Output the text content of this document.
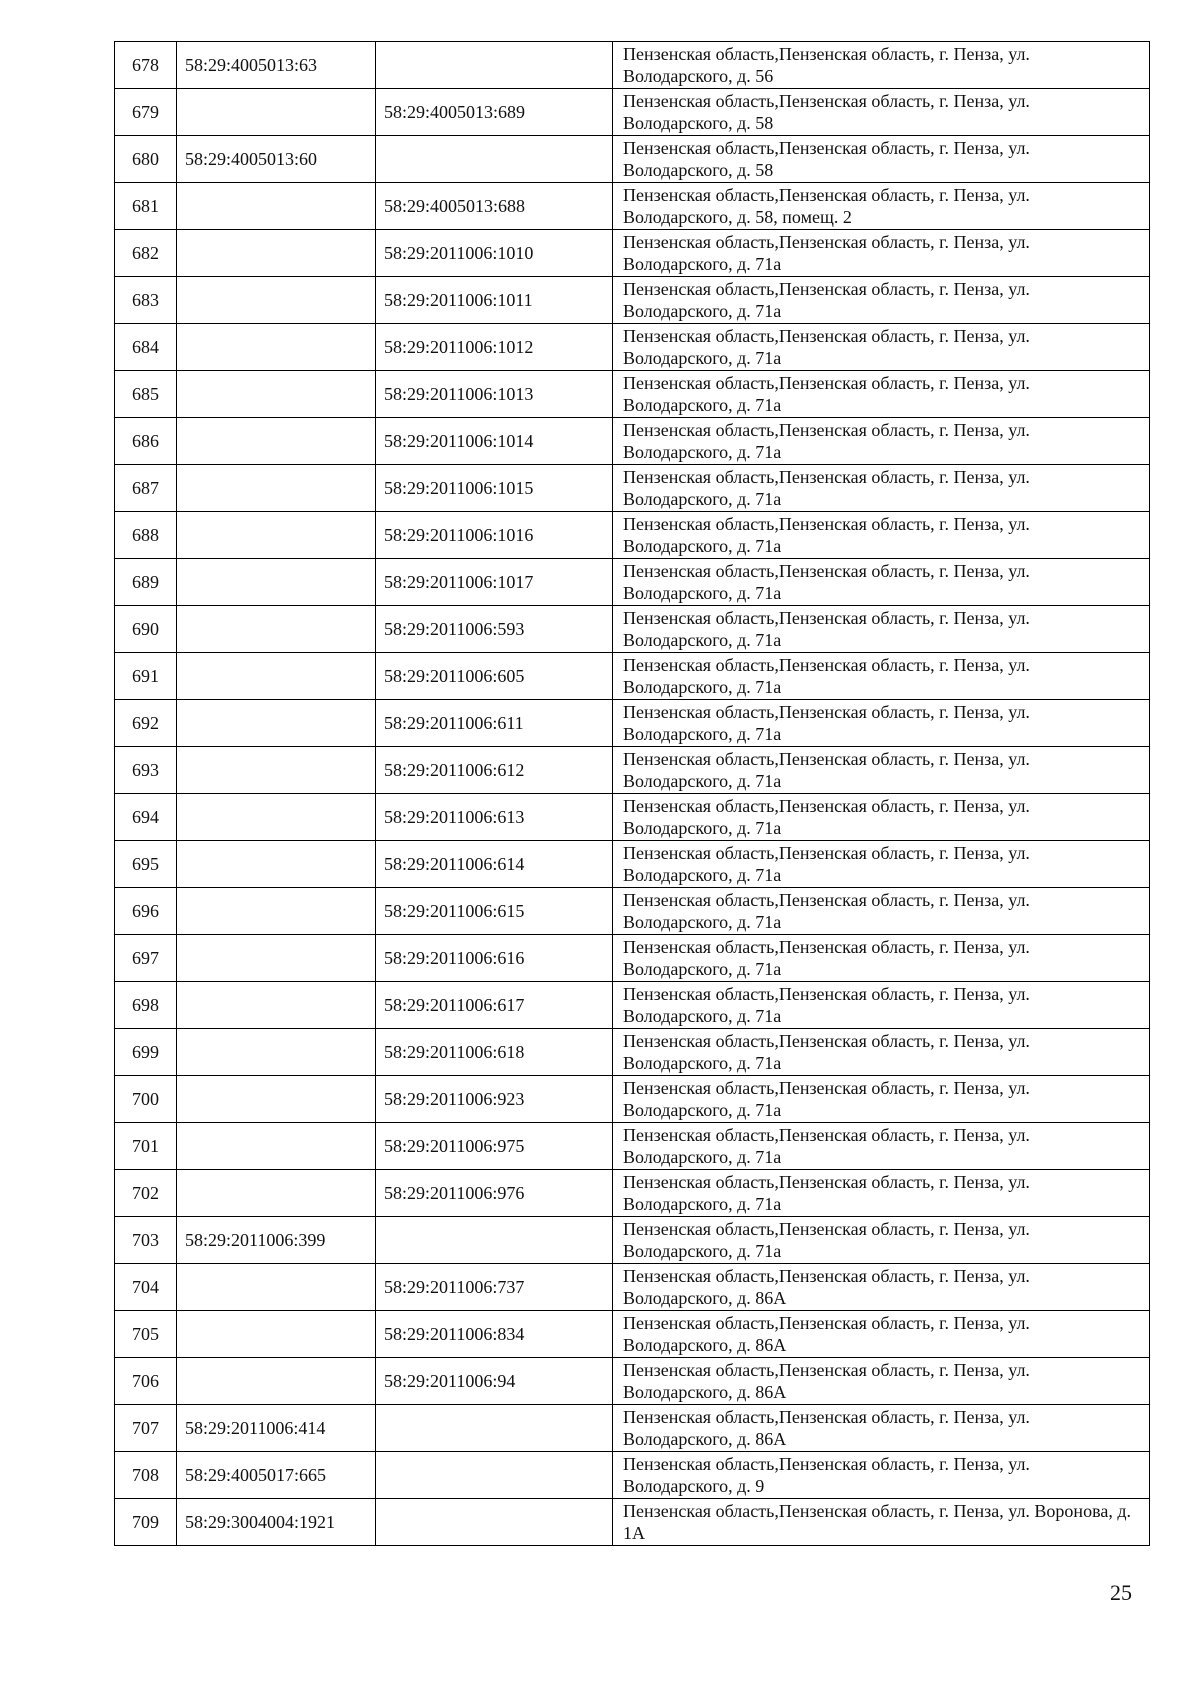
678	58:29:4005013:63		Пензенская область,Пензенская область, г. Пенза, ул. Володарского, д. 56
679		58:29:4005013:689	Пензенская область,Пензенская область, г. Пенза, ул. Володарского, д. 58
680	58:29:4005013:60		Пензенская область,Пензенская область, г. Пенза, ул. Володарского, д. 58
681		58:29:4005013:688	Пензенская область,Пензенская область, г. Пенза, ул. Володарского, д. 58, помещ. 2
682		58:29:2011006:1010	Пензенская область,Пензенская область, г. Пенза, ул. Володарского, д. 71а
683		58:29:2011006:1011	Пензенская область,Пензенская область, г. Пенза, ул. Володарского, д. 71а
684		58:29:2011006:1012	Пензенская область,Пензенская область, г. Пенза, ул. Володарского, д. 71а
685		58:29:2011006:1013	Пензенская область,Пензенская область, г. Пенза, ул. Володарского, д. 71а
686		58:29:2011006:1014	Пензенская область,Пензенская область, г. Пенза, ул. Володарского, д. 71а
687		58:29:2011006:1015	Пензенская область,Пензенская область, г. Пенза, ул. Володарского, д. 71а
688		58:29:2011006:1016	Пензенская область,Пензенская область, г. Пенза, ул. Володарского, д. 71а
689		58:29:2011006:1017	Пензенская область,Пензенская область, г. Пенза, ул. Володарского, д. 71а
690		58:29:2011006:593	Пензенская область,Пензенская область, г. Пенза, ул. Володарского, д. 71а
691		58:29:2011006:605	Пензенская область,Пензенская область, г. Пенза, ул. Володарского, д. 71а
692		58:29:2011006:611	Пензенская область,Пензенская область, г. Пенза, ул. Володарского, д. 71а
693		58:29:2011006:612	Пензенская область,Пензенская область, г. Пенза, ул. Володарского, д. 71а
694		58:29:2011006:613	Пензенская область,Пензенская область, г. Пенза, ул. Володарского, д. 71а
695		58:29:2011006:614	Пензенская область,Пензенская область, г. Пенза, ул. Володарского, д. 71а
696		58:29:2011006:615	Пензенская область,Пензенская область, г. Пенза, ул. Володарского, д. 71а
697		58:29:2011006:616	Пензенская область,Пензенская область, г. Пенза, ул. Володарского, д. 71а
698		58:29:2011006:617	Пензенская область,Пензенская область, г. Пенза, ул. Володарского, д. 71а
699		58:29:2011006:618	Пензенская область,Пензенская область, г. Пенза, ул. Володарского, д. 71а
700		58:29:2011006:923	Пензенская область,Пензенская область, г. Пенза, ул. Володарского, д. 71а
701		58:29:2011006:975	Пензенская область,Пензенская область, г. Пенза, ул. Володарского, д. 71а
702		58:29:2011006:976	Пензенская область,Пензенская область, г. Пенза, ул. Володарского, д. 71а
703	58:29:2011006:399		Пензенская область,Пензенская область, г. Пенза, ул. Володарского, д. 71а
704		58:29:2011006:737	Пензенская область,Пензенская область, г. Пенза, ул. Володарского, д. 86А
705		58:29:2011006:834	Пензенская область,Пензенская область, г. Пенза, ул. Володарского, д. 86А
706		58:29:2011006:94	Пензенская область,Пензенская область, г. Пенза, ул. Володарского, д. 86А
707	58:29:2011006:414		Пензенская область,Пензенская область, г. Пенза, ул. Володарского, д. 86А
708	58:29:4005017:665		Пензенская область,Пензенская область, г. Пенза, ул. Володарского, д. 9
709	58:29:3004004:1921		Пензенская область,Пензенская область, г. Пенза, ул. Воронова, д. 1А
25
